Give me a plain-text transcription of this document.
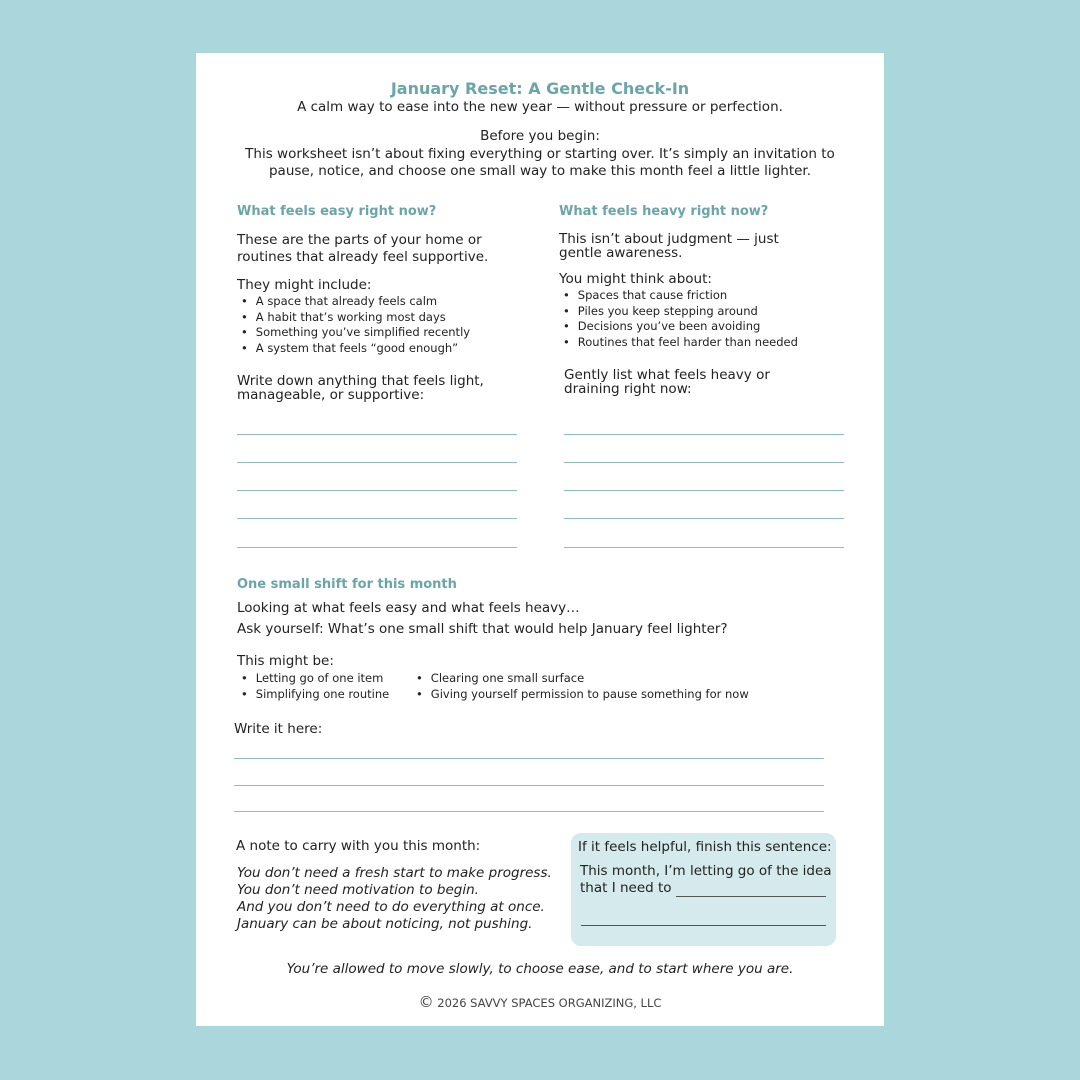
January Reset: A Gentle Check-In
A calm way to ease into the new year — without pressure or perfection.
Before you begin:
This worksheet isn’t about fixing everything or starting over. It’s simply an invitation to
pause, notice, and choose one small way to make this month feel a little lighter.
What feels easy right now?
These are the parts of your home or
routines that already feel supportive.
They might include:
• A space that already feels calm
• A habit that’s working most days
• Something you’ve simplified recently
• A system that feels “good enough”
Write down anything that feels light,
manageable, or supportive:
What feels heavy right now?
This isn’t about judgment — just
gentle awareness.
You might think about:
• Spaces that cause friction
• Piles you keep stepping around
• Decisions you’ve been avoiding
• Routines that feel harder than needed
Gently list what feels heavy or
draining right now:
One small shift for this month
Looking at what feels easy and what feels heavy…
Ask yourself: What’s one small shift that would help January feel lighter?
This might be:
• Letting go of one item
• Simplifying one routine
• Clearing one small surface
• Giving yourself permission to pause something for now
Write it here:
A note to carry with you this month:
You don’t need a fresh start to make progress.
You don’t need motivation to begin.
And you don’t need to do everything at once.
January can be about noticing, not pushing.
If it feels helpful, finish this sentence:
This month, I’m letting go of the idea
that I need to
You’re allowed to move slowly, to choose ease, and to start where you are.
© 2026 SAVVY SPACES ORGANIZING, LLC
